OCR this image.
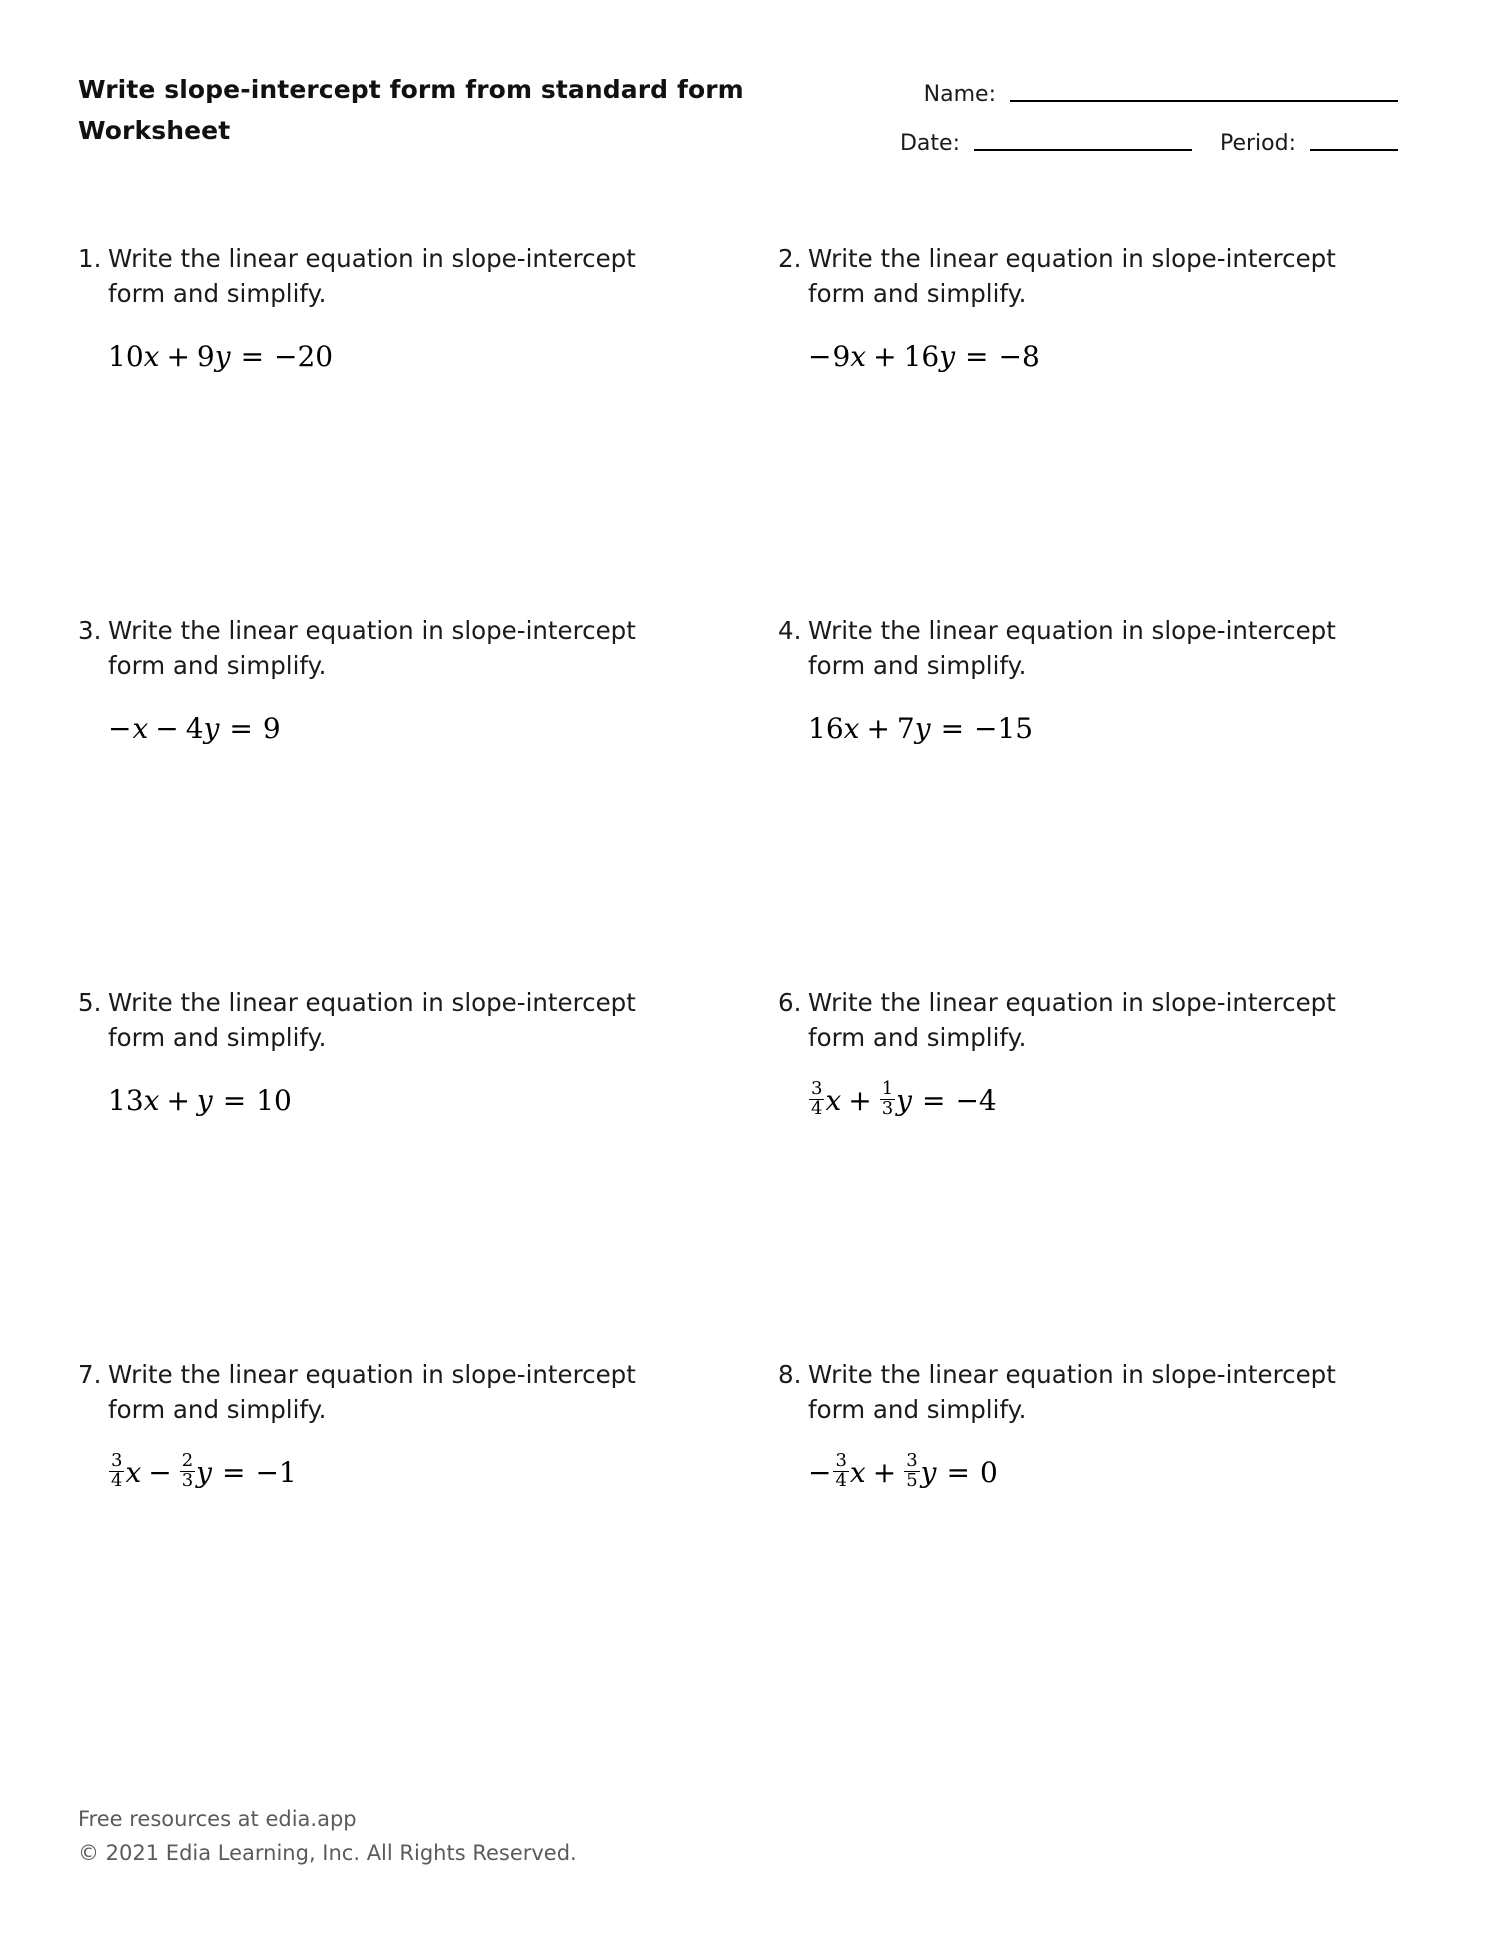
Write slope-intercept form from standard form
Worksheet
Name:
Date:	Period:
1. Write the linear equation in slope-intercept form and simplify.
10 x + 9 y = −20
2. Write the linear equation in slope-intercept form and simplify.
− 9 x + 16 y = −8
3. Write the linear equation in slope-intercept form and simplify.
− x − 4 y = 9
4. Write the linear equation in slope-intercept form and simplify.
16 x + 7 y = −15
5. Write the linear equation in slope-intercept form and simplify.
13 x + y = 10
6. Write the linear equation in slope-intercept form and simplify.
$\frac{3}{4}$ $x + \frac{1}{3}$ y = −4
7. Write the linear equation in slope-intercept form and simplify.
$\frac{3}{4}$ $x - \frac{2}{3}$ y = −1
8. Write the linear equation in slope-intercept form and simplify.
− $\frac{3}{4}$ $x + \frac{3}{5}$ y = 0
Free resources at edia.app
© 2021 Edia Learning, Inc. All Rights Reserved.
